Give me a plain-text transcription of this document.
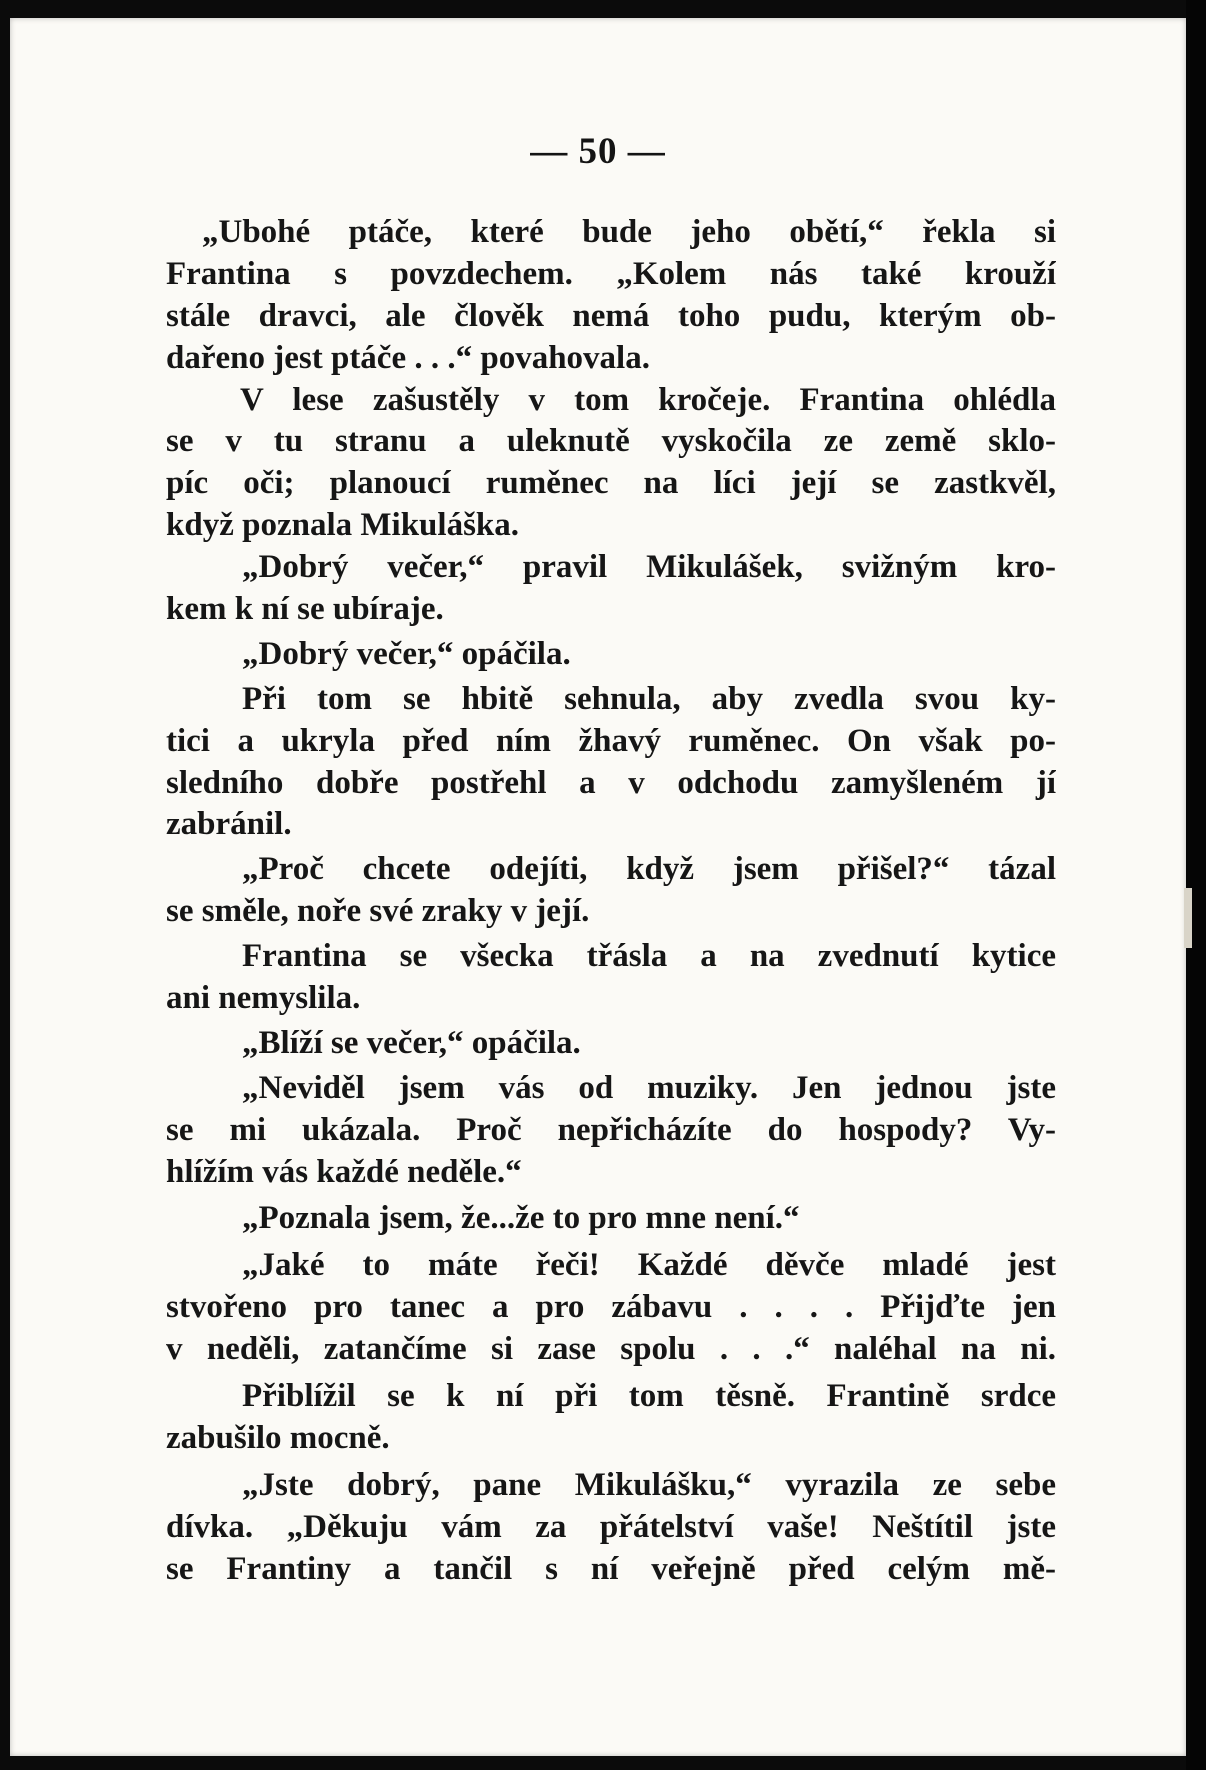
— 50 —
„Ubohé ptáče, které bude jeho obětí,“ řekla si
Frantina s povzdechem. „Kolem nás také krouží
stále dravci, ale člověk nemá toho pudu, kterým ob-
dařeno jest ptáče . . .“ povahovala.
V lese zašustěly v tom kročeje. Frantina ohlédla
se v tu stranu a uleknutě vyskočila ze země sklo-
píc oči; planoucí ruměnec na líci její se zastkvěl,
když poznala Mikuláška.
„Dobrý večer,“ pravil Mikulášek, svižným kro-
kem k ní se ubíraje.
„Dobrý večer,“ opáčila.
Při tom se hbitě sehnula, aby zvedla svou ky-
tici a ukryla před ním žhavý ruměnec. On však po-
sledního dobře postřehl a v odchodu zamyšleném jí
zabránil.
„Proč chcete odejíti, když jsem přišel?“ tázal
se směle, noře své zraky v její.
Frantina se všecka třásla a na zvednutí kytice
ani nemyslila.
„Blíží se večer,“ opáčila.
„Neviděl jsem vás od muziky. Jen jednou jste
se mi ukázala. Proč nepřicházíte do hospody? Vy-
hlížím vás každé neděle.“
„Poznala jsem, že...že to pro mne není.“
„Jaké to máte řeči! Každé děvče mladé jest
stvořeno pro tanec a pro zábavu . . . . Přijďte jen
v neděli, zatančíme si zase spolu . . .“ naléhal na ni.
Přiblížil se k ní při tom těsně. Frantině srdce
zabušilo mocně.
„Jste dobrý, pane Mikulášku,“ vyrazila ze sebe
dívka. „Děkuju vám za přátelství vaše! Neštítil jste
se Frantiny a tančil s ní veřejně před celým mě-
